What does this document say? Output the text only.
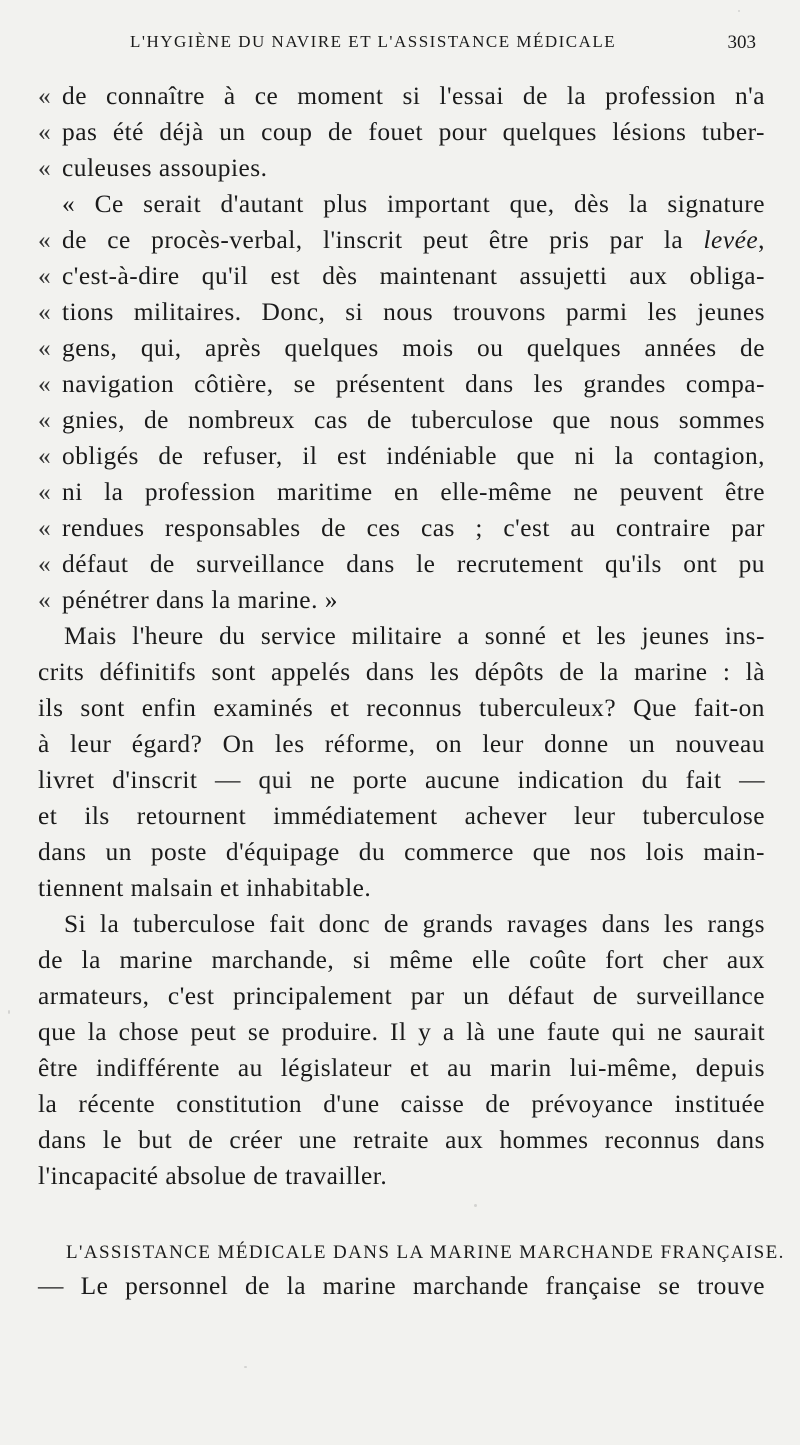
L'HYGIÈNE DU NAVIRE ET L'ASSISTANCE MÉDICALE	303
« de connaître à ce moment si l'essai de la profession n'a
« pas été déjà un coup de fouet pour quelques lésions tuber-
« culeuses assoupies.
« Ce serait d'autant plus important que, dès la signature
« de ce procès-verbal, l'inscrit peut être pris par la levée,
« c'est-à-dire qu'il est dès maintenant assujetti aux obliga-
« tions militaires. Donc, si nous trouvons parmi les jeunes
« gens, qui, après quelques mois ou quelques années de
« navigation côtière, se présentent dans les grandes compa-
« gnies, de nombreux cas de tuberculose que nous sommes
« obligés de refuser, il est indéniable que ni la contagion,
« ni la profession maritime en elle-même ne peuvent être
« rendues responsables de ces cas ; c'est au contraire par
« défaut de surveillance dans le recrutement qu'ils ont pu
« pénétrer dans la marine. »
Mais l'heure du service militaire a sonné et les jeunes ins-
crits définitifs sont appelés dans les dépôts de la marine : là
ils sont enfin examinés et reconnus tuberculeux? Que fait-on
à leur égard? On les réforme, on leur donne un nouveau
livret d'inscrit — qui ne porte aucune indication du fait —
et ils retournent immédiatement achever leur tuberculose
dans un poste d'équipage du commerce que nos lois main-
tiennent malsain et inhabitable.
Si la tuberculose fait donc de grands ravages dans les rangs
de la marine marchande, si même elle coûte fort cher aux
armateurs, c'est principalement par un défaut de surveillance
que la chose peut se produire. Il y a là une faute qui ne saurait
être indifférente au législateur et au marin lui-même, depuis
la récente constitution d'une caisse de prévoyance instituée
dans le but de créer une retraite aux hommes reconnus dans
l'incapacité absolue de travailler.
L'ASSISTANCE MÉDICALE DANS LA MARINE MARCHANDE FRANÇAISE.
— Le personnel de la marine marchande française se trouve
